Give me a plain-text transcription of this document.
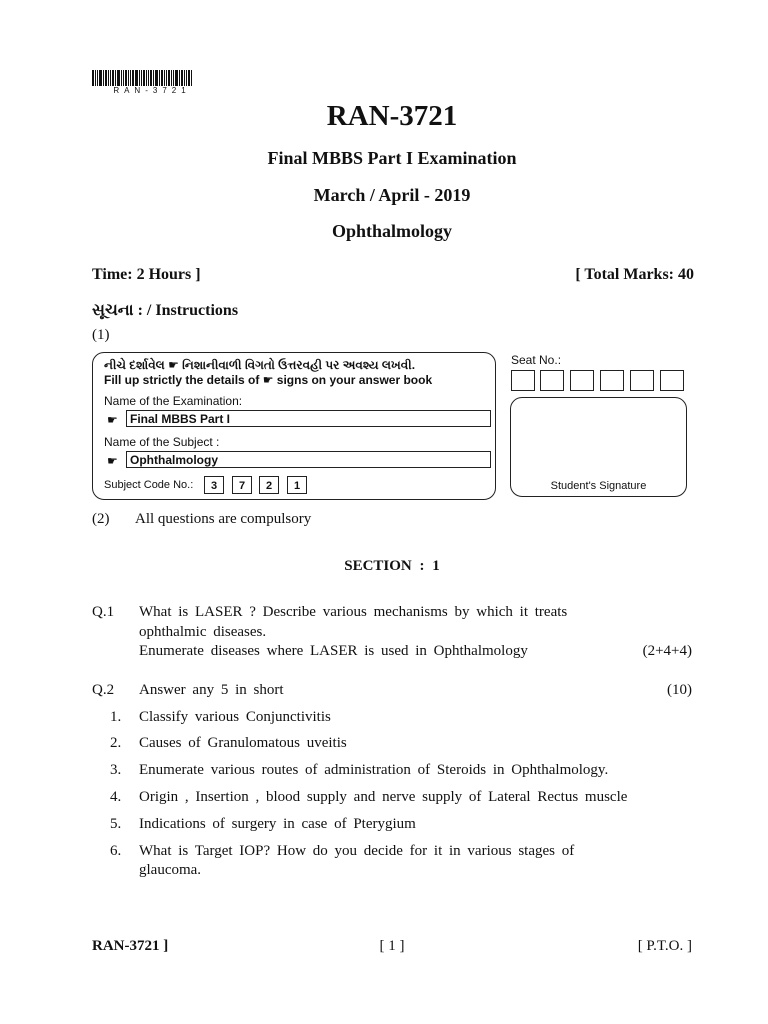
RAN-3721
RAN-3721
Final MBBS Part I Examination
March / April - 2019
Ophthalmology
Time: 2 Hours ]	[ Total Marks: 40
સૂચના : / Instructions
(1)
નીચે દર્શાવેલ ☛ નિશાનીવાળી વિગતો ઉત્તરવહી પર અવશ્ય લખવી.
Fill up strictly the details of ☛ signs on your answer book
Name of the Examination:
☛	Final MBBS Part I
Name of the Subject :
☛	Ophthalmology
Subject Code No.:	3	7	2	1
Seat No.:
Student's Signature
(2) All questions are compulsory
SECTION : 1
Q.1 What is LASER ? Describe various mechanisms by which it treats
ophthalmic diseases.
Enumerate diseases where LASER is used in Ophthalmology	(2+4+4)
Q.2 Answer any 5 in short	(10)
1. Classify various Conjunctivitis
2. Causes of Granulomatous uveitis
3. Enumerate various routes of administration of Steroids in Ophthalmology.
4. Origin , Insertion , blood supply and nerve supply of Lateral Rectus muscle
5. Indications of surgery in case of Pterygium
6. What is Target IOP? How do you decide for it in various stages of
glaucoma.
RAN-3721 ]	[ 1 ]	[ P.T.O. ]
